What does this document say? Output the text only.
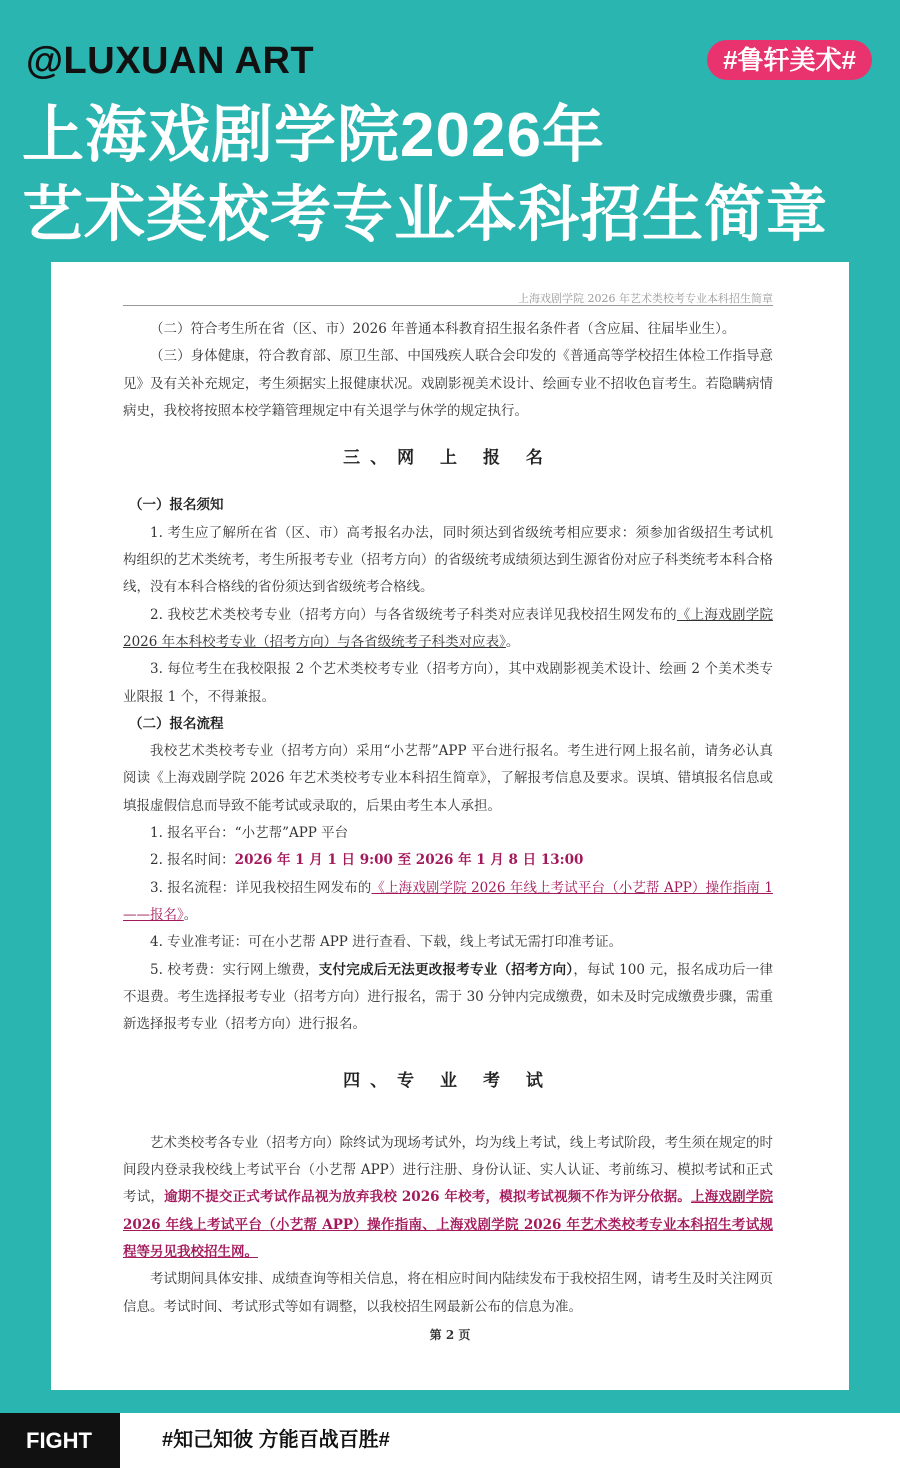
@LUXUAN ART	#鲁轩美术#
上海戏剧学院2026年
艺术类校考专业本科招生简章
上海戏剧学院 2026 年艺术类校考专业本科招生简章

（二）符合考生所在省（区、市）2026 年普通本科教育招生报名条件者（含应届、往届毕业生）。

（三）身体健康，符合教育部、原卫生部、中国残疾人联合会印发的《普通高等学校招生体检工作指导意见》及有关补充规定，考生须据实上报健康状况。戏剧影视美术设计、绘画专业不招收色盲考生。若隐瞒病情病史，我校将按照本校学籍管理规定中有关退学与休学的规定执行。

三、网 上 报 名

（一）报名须知

1. 考生应了解所在省（区、市）高考报名办法，同时须达到省级统考相应要求：须参加省级招生考试机构组织的艺术类统考，考生所报考专业（招考方向）的省级统考成绩须达到生源省份对应子科类统考本科合格线，没有本科合格线的省份须达到省级统考合格线。

2. 我校艺术类校考专业（招考方向）与各省级统考子科类对应表详见我校招生网发布的《上海戏剧学院 2026 年本科校考专业（招考方向）与各省级统考子科类对应表》。

3. 每位考生在我校限报 2 个艺术类校考专业（招考方向），其中戏剧影视美术设计、绘画 2 个美术类专业限报 1 个，不得兼报。

（二）报名流程

我校艺术类校考专业（招考方向）采用“小艺帮”APP 平台进行报名。考生进行网上报名前，请务必认真阅读《上海戏剧学院 2026 年艺术类校考专业本科招生简章》，了解报考信息及要求。误填、错填报名信息或填报虚假信息而导致不能考试或录取的，后果由考生本人承担。

1. 报名平台：“小艺帮”APP 平台

2. 报名时间：2026 年 1 月 1 日 9:00 至 2026 年 1 月 8 日 13:00

3. 报名流程：详见我校招生网发布的《上海戏剧学院 2026 年线上考试平台（小艺帮 APP）操作指南 1——报名》。

4. 专业准考证：可在小艺帮 APP 进行查看、下载，线上考试无需打印准考证。

5. 校考费：实行网上缴费，支付完成后无法更改报考专业（招考方向），每试 100 元，报名成功后一律不退费。考生选择报考专业（招考方向）进行报名，需于 30 分钟内完成缴费，如未及时完成缴费步骤，需重新选择报考专业（招考方向）进行报名。

四、专 业 考 试

艺术类校考各专业（招考方向）除终试为现场考试外，均为线上考试，线上考试阶段，考生须在规定的时间段内登录我校线上考试平台（小艺帮 APP）进行注册、身份认证、实人认证、考前练习、模拟考试和正式考试，逾期不提交正式考试作品视为放弃我校 2026 年校考，模拟考试视频不作为评分依据。上海戏剧学院 2026 年线上考试平台（小艺帮 APP）操作指南、上海戏剧学院 2026 年艺术类校考专业本科招生考试规程等另见我校招生网。

考试期间具体安排、成绩查询等相关信息，将在相应时间内陆续发布于我校招生网，请考生及时关注网页信息。考试时间、考试形式等如有调整，以我校招生网最新公布的信息为准。

第 2 页
FIGHT	#知己知彼 方能百战百胜#
